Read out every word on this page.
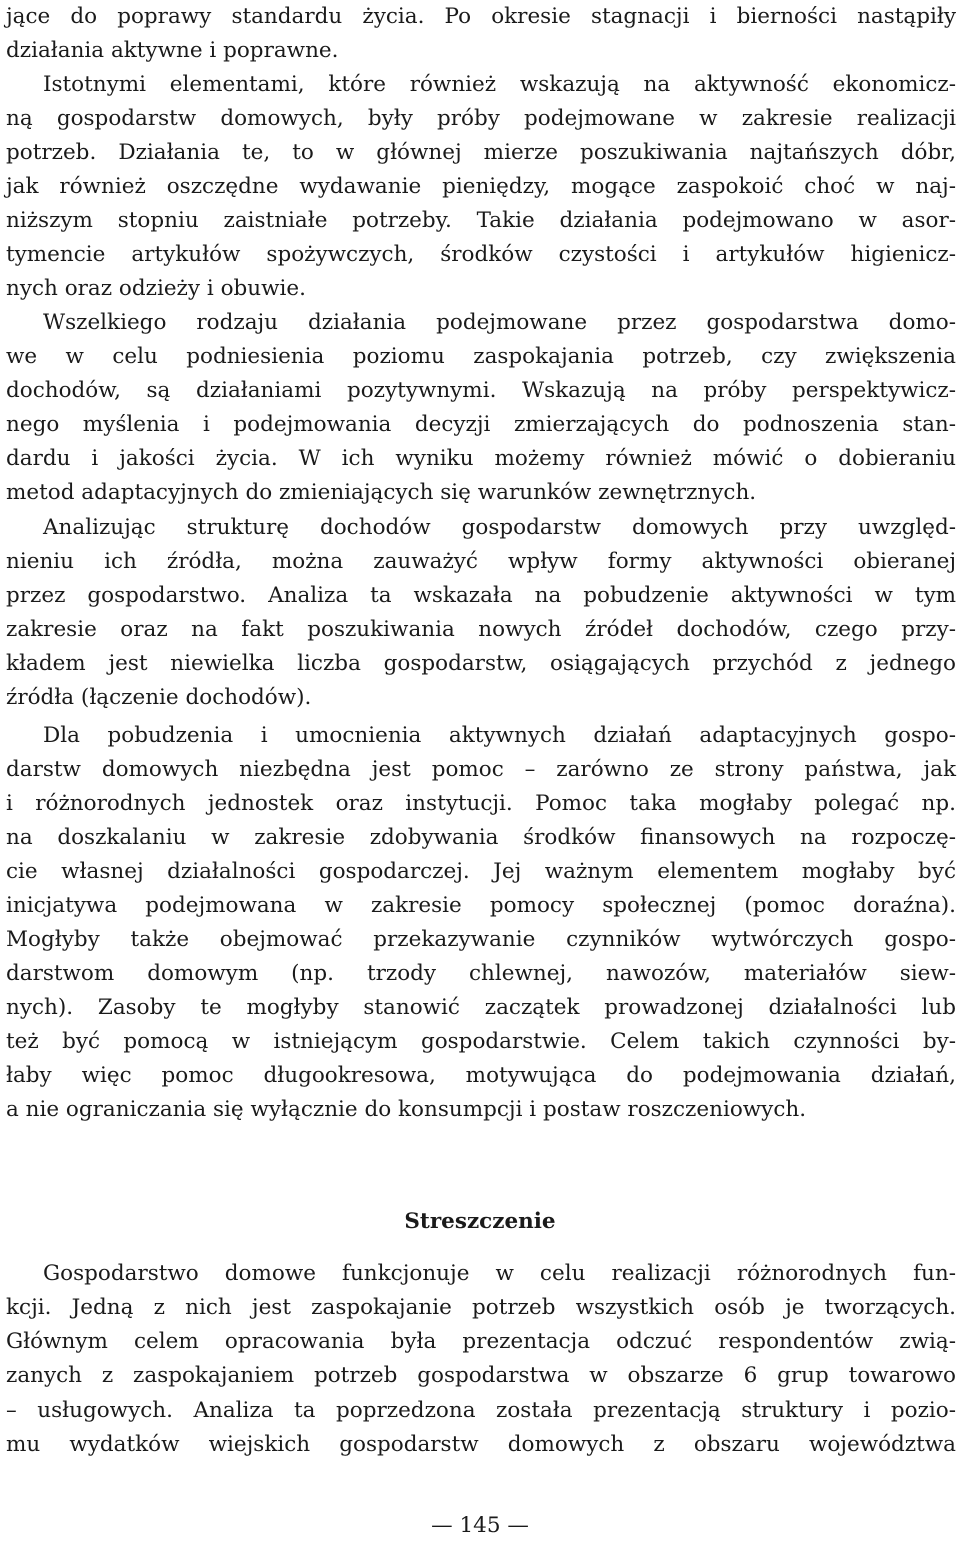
jące do poprawy standardu życia. Po okresie stagnacji i bierności nastąpiły
działania aktywne i poprawne.
Istotnymi elementami, które również wskazują na aktywność ekonomicz-
ną gospodarstw domowych, były próby podejmowane w zakresie realizacji
potrzeb. Działania te, to w głównej mierze poszukiwania najtańszych dóbr,
jak również oszczędne wydawanie pieniędzy, mogące zaspokoić choć w naj-
niższym stopniu zaistniałe potrzeby. Takie działania podejmowano w asor-
tymencie artykułów spożywczych, środków czystości i artykułów higienicz-
nych oraz odzieży i obuwie.
Wszelkiego rodzaju działania podejmowane przez gospodarstwa domo-
we w celu podniesienia poziomu zaspokajania potrzeb, czy zwiększenia
dochodów, są działaniami pozytywnymi. Wskazują na próby perspektywicz-
nego myślenia i podejmowania decyzji zmierzających do podnoszenia stan-
dardu i jakości życia. W ich wyniku możemy również mówić o dobieraniu
metod adaptacyjnych do zmieniających się warunków zewnętrznych.
Analizując strukturę dochodów gospodarstw domowych przy uwzględ-
nieniu ich źródła, można zauważyć wpływ formy aktywności obieranej
przez gospodarstwo. Analiza ta wskazała na pobudzenie aktywności w tym
zakresie oraz na fakt poszukiwania nowych źródeł dochodów, czego przy-
kładem jest niewielka liczba gospodarstw, osiągających przychód z jednego
źródła (łączenie dochodów).
Dla pobudzenia i umocnienia aktywnych działań adaptacyjnych gospo-
darstw domowych niezbędna jest pomoc – zarówno ze strony państwa, jak
i różnorodnych jednostek oraz instytucji. Pomoc taka mogłaby polegać np.
na doszkalaniu w zakresie zdobywania środków finansowych na rozpoczę-
cie własnej działalności gospodarczej. Jej ważnym elementem mogłaby być
inicjatywa podejmowana w zakresie pomocy społecznej (pomoc doraźna).
Mogłyby także obejmować przekazywanie czynników wytwórczych gospo-
darstwom domowym (np. trzody chlewnej, nawozów, materiałów siew-
nych). Zasoby te mogłyby stanowić zaczątek prowadzonej działalności lub
też być pomocą w istniejącym gospodarstwie. Celem takich czynności by-
łaby więc pomoc długookresowa, motywująca do podejmowania działań,
a nie ograniczania się wyłącznie do konsumpcji i postaw roszczeniowych.
Streszczenie
Gospodarstwo domowe funkcjonuje w celu realizacji różnorodnych fun-
kcji. Jedną z nich jest zaspokajanie potrzeb wszystkich osób je tworzących.
Głównym celem opracowania była prezentacja odczuć respondentów zwią-
zanych z zaspokajaniem potrzeb gospodarstwa w obszarze 6 grup towarowo
– usługowych. Analiza ta poprzedzona została prezentacją struktury i pozio-
mu wydatków wiejskich gospodarstw domowych z obszaru województwa
— 145 —
